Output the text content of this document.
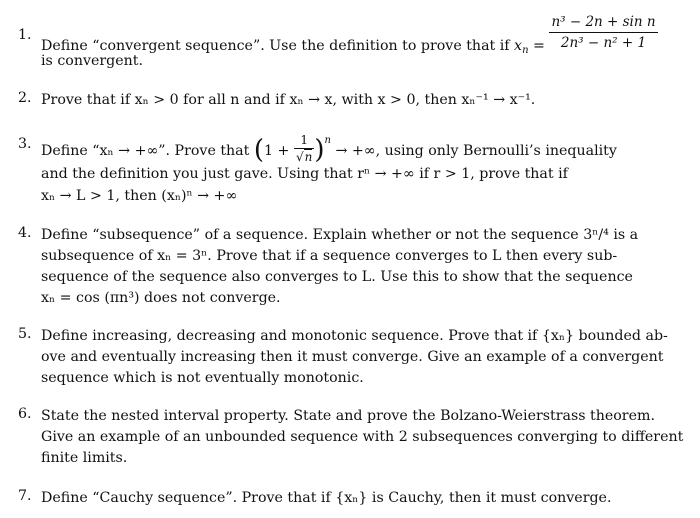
1.
Define “convergent sequence”. Use the definition to prove that if $x_n = \frac{\text{n³ − 2n + sin n}}{\text{2n³ − n² + 1}}$
is convergent.
2. Prove that if xₙ > 0 for all n and if xₙ → x, with x > 0, then xₙ⁻¹ → x⁻¹.
3. Define “xₙ → +∞”. Prove that $(1 + \frac{1}{√n} )^n$ → +∞, using only Bernoulli’s inequality
and the definition you just gave. Using that rⁿ → +∞ if r > 1, prove that if
xₙ → L > 1, then (xₙ)ⁿ → +∞
4. Define “subsequence” of a sequence. Explain whether or not the sequence 3ⁿ/⁴ is a
subsequence of xₙ = 3ⁿ. Prove that if a sequence converges to L then every sub-
sequence of the sequence also converges to L. Use this to show that the sequence
xₙ = cos (πn³) does not converge.
5. Define increasing, decreasing and monotonic sequence. Prove that if {xₙ} bounded ab-
ove and eventually increasing then it must converge. Give an example of a convergent
sequence which is not eventually monotonic.
6. State the nested interval property. State and prove the Bolzano-Weierstrass theorem.
Give an example of an unbounded sequence with 2 subsequences converging to different
finite limits.
7. Define “Cauchy sequence”. Prove that if {xₙ} is Cauchy, then it must converge.
